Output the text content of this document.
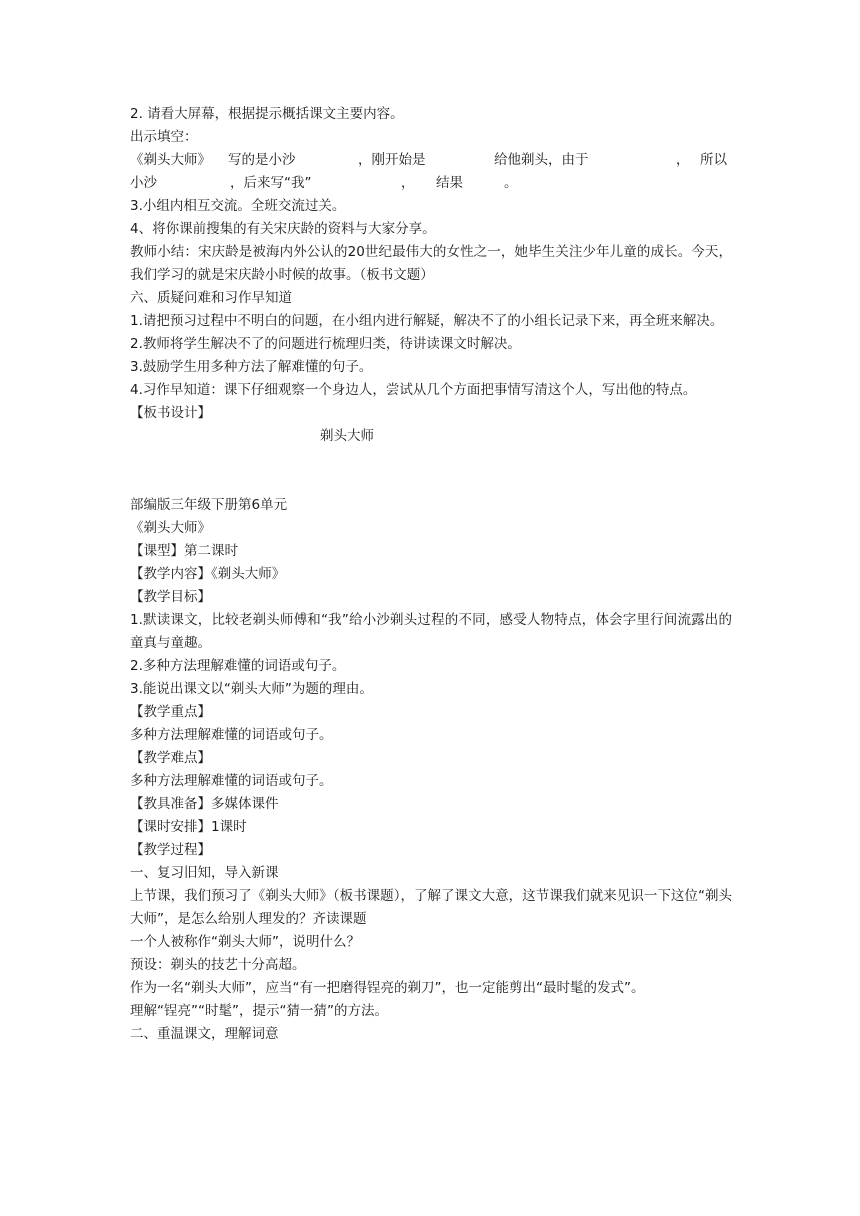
2. 请看大屏幕，根据提示概括课文主要内容。
出示填空：
《剃头大师》 写的是小沙	，刚开始是	给他剃头，由于	， 所以
小沙	，后来写“我”	， 结果	。
3.小组内相互交流。全班交流过关。
4、将你课前搜集的有关宋庆龄的资料与大家分享。
教师小结：宋庆龄是被海内外公认的20世纪最伟大的女性之一，她毕生关注少年儿童的成长。今天，我们学习的就是宋庆龄小时候的故事。（板书文题）
六、质疑问难和习作早知道
1.请把预习过程中不明白的问题，在小组内进行解疑，解决不了的小组长记录下来，再全班来解决。
2.教师将学生解决不了的问题进行梳理归类，待讲读课文时解决。
3.鼓励学生用多种方法了解难懂的句子。
4.习作早知道：课下仔细观察一个身边人，尝试从几个方面把事情写清这个人，写出他的特点。
【板书设计】
剃头大师
部编版三年级下册第6单元
《剃头大师》
【课型】第二课时
【教学内容】《剃头大师》
【教学目标】
1.默读课文，比较老剃头师傅和“我”给小沙剃头过程的不同，感受人物特点，体会字里行间流露出的童真与童趣。
2.多种方法理解难懂的词语或句子。
3.能说出课文以“剃头大师”为题的理由。
【教学重点】
多种方法理解难懂的词语或句子。
【教学难点】
多种方法理解难懂的词语或句子。
【教具准备】多媒体课件
【课时安排】1课时
【教学过程】
一、复习旧知，导入新课
上节课，我们预习了《剃头大师》（板书课题），了解了课文大意，这节课我们就来见识一下这位“剃头大师”，是怎么给别人理发的？齐读课题
一个人被称作“剃头大师”，说明什么？
预设：剃头的技艺十分高超。
作为一名“剃头大师”，应当“有一把磨得锃亮的剃刀”，也一定能剪出“最时髦的发式”。
理解“锃亮”“时髦”，提示“猜一猜”的方法。
二、重温课文，理解词意
